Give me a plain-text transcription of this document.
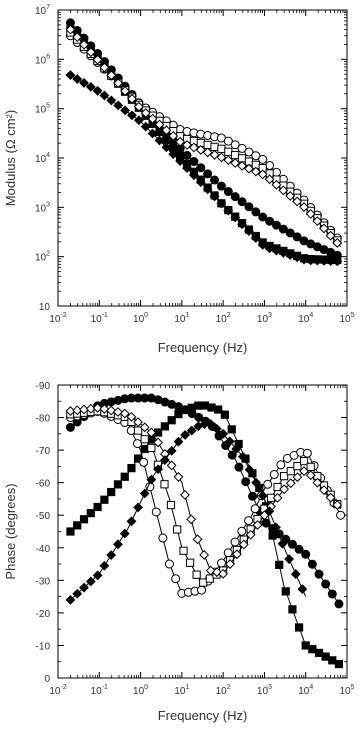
$10^{-2}$ $10^{-1}$	$10^0$	$10^1$	$10^2$	$10^3$	$10^4$	$10^5$
10
$10^2$
$10^3$
$10^4$
$10^5$
$10^6$
$10^7$
Frequency (Hz)
Modulus (Ω cm²)
$10^{-2}$ $10^{-1}$	$10^0$	$10^1$	$10^2$	$10^3$	$10^4$	$10^5$
0
-10
-20
-30
-40
-50
-60
-70
-80
-90
Frequency (Hz)
Phase (degrees)
